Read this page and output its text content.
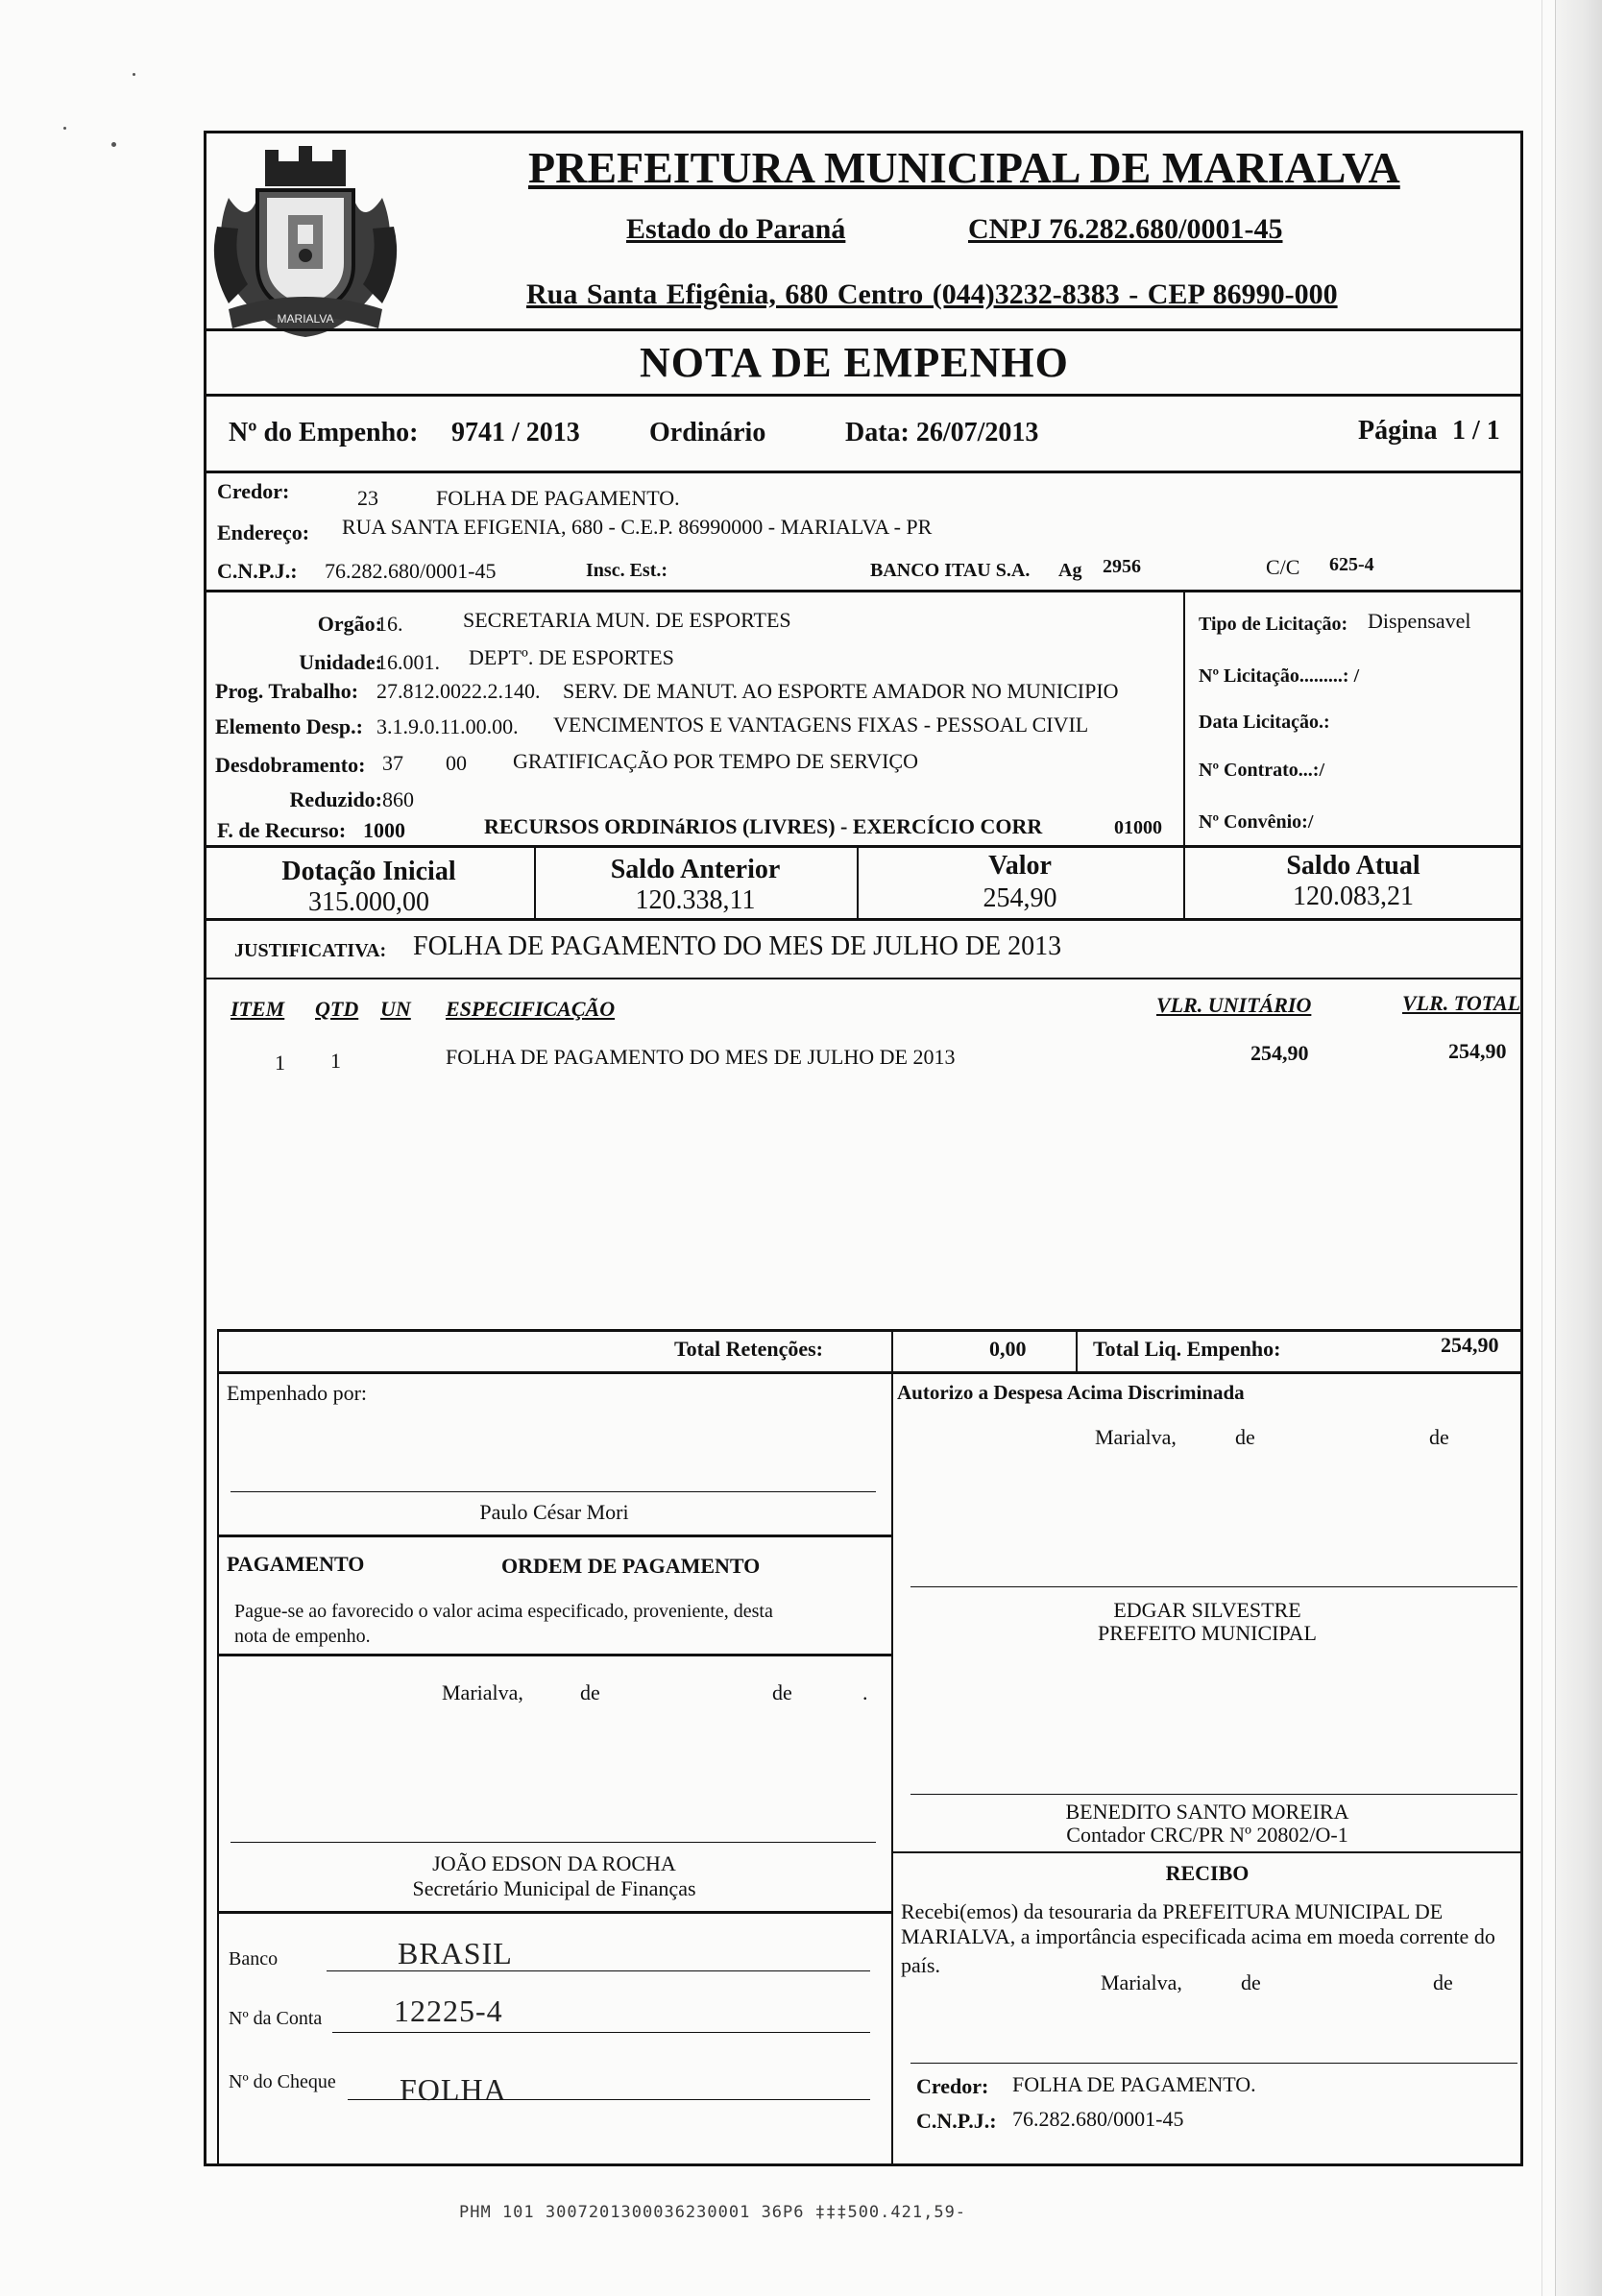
MARIALVA
PREFEITURA MUNICIPAL DE MARIALVA
Estado do Paraná	CNPJ 76.282.680/0001-45
Rua Santa Efigênia, 680 Centro (044)3232-8383 - CEP 86990-000
NOTA DE EMPENHO
Nº do Empenho: 9741 / 2013	Ordinário	Data: 26/07/2013	Página 1 / 1
Credor:	23	FOLHA DE PAGAMENTO.
Endereço: RUA SANTA EFIGENIA, 680 - C.E.P. 86990000 - MARIALVA - PR
C.N.P.J.: 76.282.680/0001-45	Insc. Est.:	BANCO ITAU S.A. Ag 2956	C/C 625-4
Orgão:
16.	SECRETARIA MUN. DE ESPORTES
Unidade:
16.001. DEPTº. DE ESPORTES
Prog. Trabalho: 27.812.0022.2.140. SERV. DE MANUT. AO ESPORTE AMADOR NO MUNICIPIO
Elemento Desp.: 3.1.9.0.11.00.00. VENCIMENTOS E VANTAGENS FIXAS - PESSOAL CIVIL
Desdobramento: 37 00 GRATIFICAÇÃO POR TEMPO DE SERVIÇO
Reduzido: 860
F. de Recurso: 1000	RECURSOS ORDINáRIOS (LIVRES) - EXERCÍCIO CORR	01000
Tipo de Licitação: Dispensavel
Nº Licitação.........: /
Data Licitação.:
Nº Contrato...:/
Nº Convênio:/
Dotação Inicial
315.000,00
Saldo Anterior
120.338,11
Valor
254,90
Saldo Atual
120.083,21
JUSTIFICATIVA: FOLHA DE PAGAMENTO DO MES DE JULHO DE 2013
ITEM QTD UN ESPECIFICAÇÃO	VLR. UNITÁRIO	VLR. TOTAL
1 1	FOLHA DE PAGAMENTO DO MES DE JULHO DE 2013	254,90	254,90
Total Retenções:	0,00	Total Liq. Empenho:	254,90
Empenhado por:
Paulo César Mori
Autorizo a Despesa Acima Discriminada
Marialva,	de	de
PAGAMENTO	ORDEM DE PAGAMENTO
Pague-se ao favorecido o valor acima especificado, proveniente, desta
nota de empenho.
Marialva,	de	de	.
JOÃO EDSON DA ROCHA
Secretário Municipal de Finanças
Banco	BRASIL
Nº da Conta 12225-4
Nº do Cheque FOLHA
EDGAR SILVESTRE
PREFEITO MUNICIPAL
BENEDITO SANTO MOREIRA
Contador CRC/PR Nº 20802/O-1
RECIBO
Recebi(emos) da tesouraria da PREFEITURA MUNICIPAL DE
MARIALVA, a importância especificada acima em moeda corrente do
país.
Marialva,	de	de
Credor: FOLHA DE PAGAMENTO.
C.N.P.J.: 76.282.680/0001-45
PHM 101 3007201300036230001 36P6 ‡‡‡500.421,59-
